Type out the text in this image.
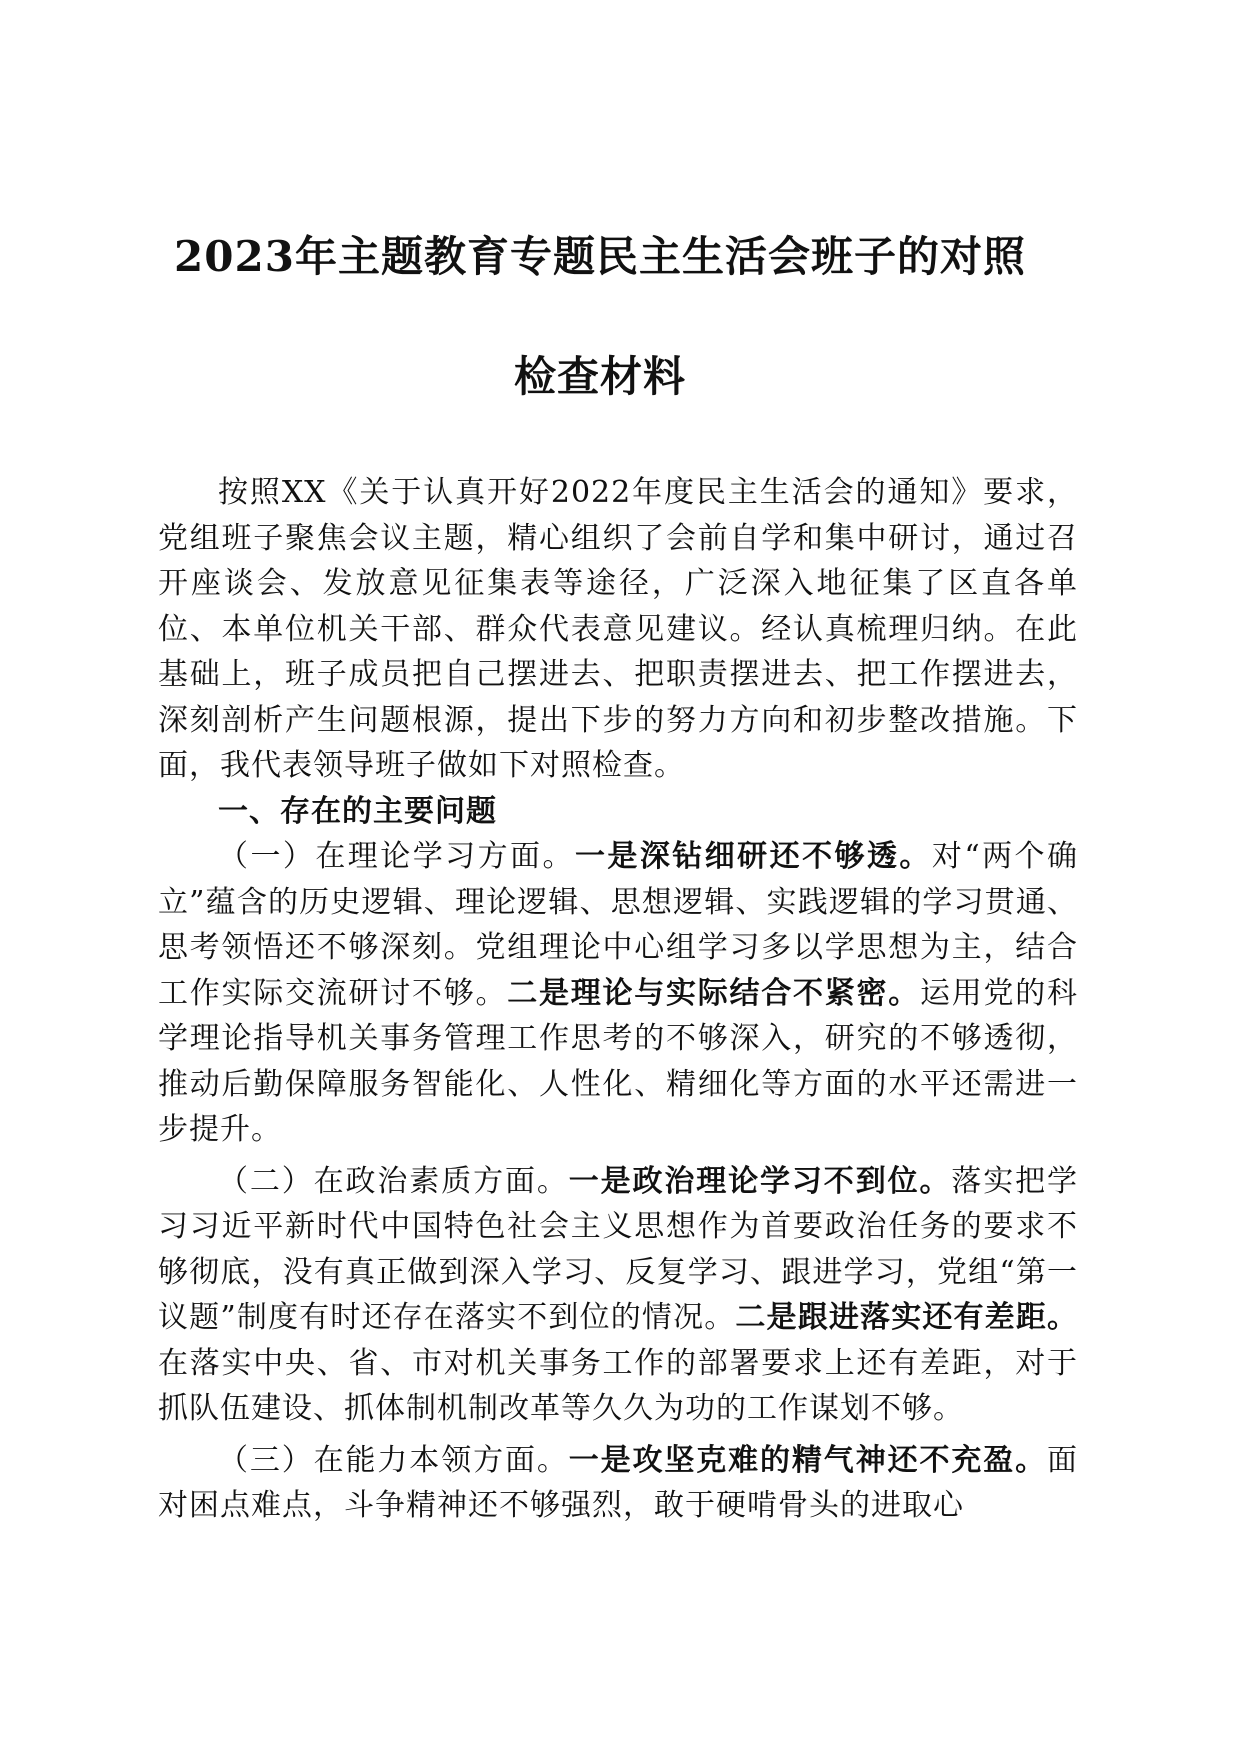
2023年主题教育专题民主生活会班子的对照
检查材料

按照XX《关于认真开好2022年度民主生活会的通知》要求，党组班子聚焦会议主题，精心组织了会前自学和集中研讨，通过召开座谈会、发放意见征集表等途径，广泛深入地征集了区直各单位、本单位机关干部、群众代表意见建议。经认真梳理归纳。在此基础上，班子成员把自己摆进去、把职责摆进去、把工作摆进去，深刻剖析产生问题根源，提出下步的努力方向和初步整改措施。下面，我代表领导班子做如下对照检查。

一、存在的主要问题

（一）在理论学习方面。一是深钻细研还不够透。对“两个确立”蕴含的历史逻辑、理论逻辑、思想逻辑、实践逻辑的学习贯通、思考领悟还不够深刻。党组理论中心组学习多以学思想为主，结合工作实际交流研讨不够。二是理论与实际结合不紧密。运用党的科学理论指导机关事务管理工作思考的不够深入，研究的不够透彻，推动后勤保障服务智能化、人性化、精细化等方面的水平还需进一步提升。

（二）在政治素质方面。一是政治理论学习不到位。落实把学习习近平新时代中国特色社会主义思想作为首要政治任务的要求不够彻底，没有真正做到深入学习、反复学习、跟进学习，党组“第一议题”制度有时还存在落实不到位的情况。二是跟进落实还有差距。在落实中央、省、市对机关事务工作的部署要求上还有差距，对于抓队伍建设、抓体制机制改革等久久为功的工作谋划不够。

（三）在能力本领方面。一是攻坚克难的精气神还不充盈。面对困点难点，斗争精神还不够强烈，敢于硬啃骨头的进取心
